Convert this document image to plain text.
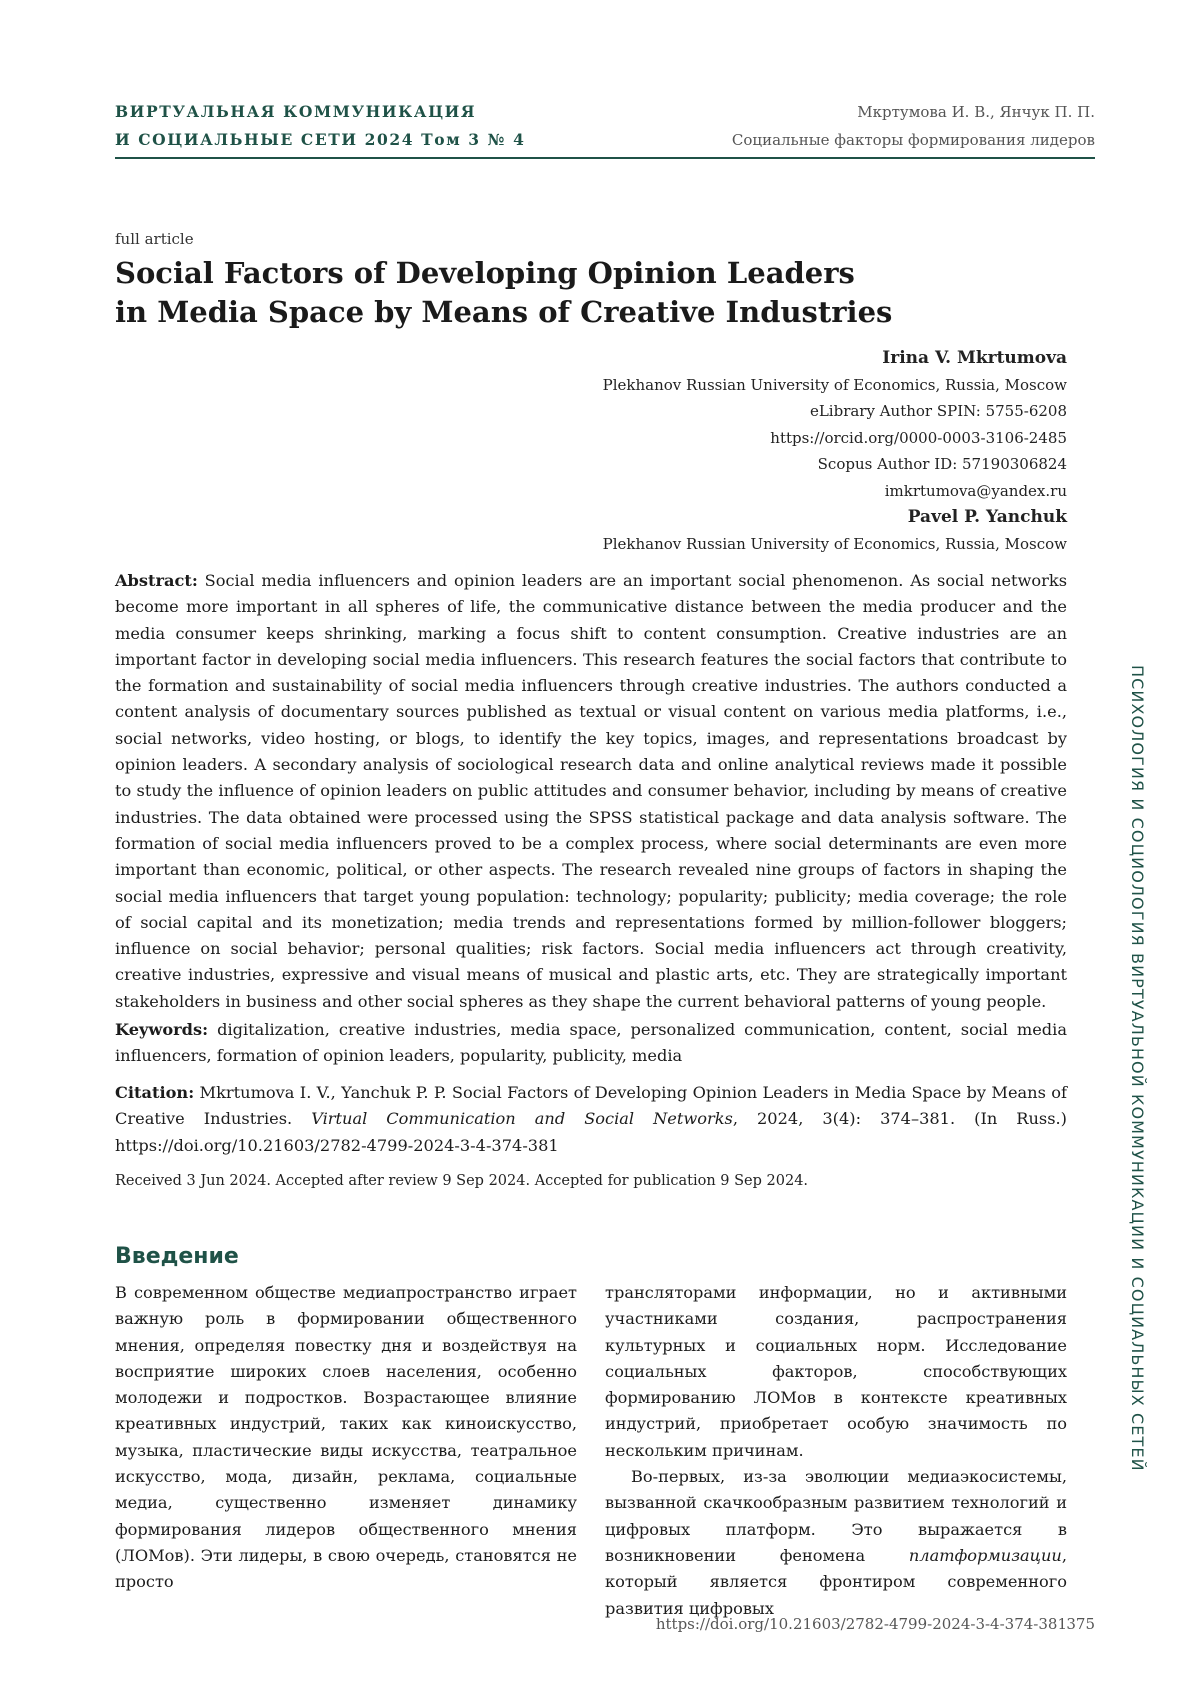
ВИРТУАЛЬНАЯ КОММУНИКАЦИЯ
И СОЦИАЛЬНЫЕ СЕТИ 2024 Том 3 № 4
Мкртумова И. В., Янчук П. П.
Социальные факторы формирования лидеров
full article
Social Factors of Developing Opinion Leaders
in Media Space by Means of Creative Industries
Irina V. Mkrtumova
Plekhanov Russian University of Economics, Russia, Moscow
eLibrary Author SPIN: 5755-6208
https://orcid.org/0000-0003-3106-2485
Scopus Author ID: 57190306824
imkrtumova@yandex.ru
Pavel P. Yanchuk
Plekhanov Russian University of Economics, Russia, Moscow
Abstract: Social media influencers and opinion leaders are an important social phenomenon. As social networks become more important in all spheres of life, the communicative distance between the media producer and the media consumer keeps shrinking, marking a focus shift to content consumption. Creative industries are an important factor in developing social media influencers. This research features the social factors that contribute to the formation and sustainability of social media influencers through creative industries. The authors conducted a content analysis of documentary sources published as textual or visual content on various media platforms, i.e., social networks, video hosting, or blogs, to identify the key topics, images, and representations broadcast by opinion leaders. A secondary analysis of sociological research data and online analytical reviews made it possible to study the influence of opinion leaders on public attitudes and consumer behavior, including by means of creative industries. The data obtained were processed using the SPSS statistical package and data analysis software. The formation of social media influencers proved to be a complex process, where social determinants are even more important than economic, political, or other aspects. The research revealed nine groups of factors in shaping the social media influencers that target young population: technology; popularity; publicity; media coverage; the role of social capital and its monetization; media trends and representations formed by million-follower bloggers; influence on social behavior; personal qualities; risk factors. Social media influencers act through creativity, creative industries, expressive and visual means of musical and plastic arts, etc. They are strategically important stakeholders in business and other social spheres as they shape the current behavioral patterns of young people.
Keywords: digitalization, creative industries, media space, personalized communication, content, social media influencers, formation of opinion leaders, popularity, publicity, media
Citation: Mkrtumova I. V., Yanchuk P. P. Social Factors of Developing Opinion Leaders in Media Space by Means of Creative Industries. Virtual Communication and Social Networks, 2024, 3(4): 374–381. (In Russ.) https://doi.org/10.21603/2782-4799-2024-3-4-374-381
Received 3 Jun 2024. Accepted after review 9 Sep 2024. Accepted for publication 9 Sep 2024.
Введение

В современном обществе медиапространство играет важную роль в формировании общественного мнения, определяя повестку дня и воздействуя на восприятие широких слоев населения, особенно молодежи и подростков. Возрастающее влияние креативных индустрий, таких как киноискусство, музыка, пластические виды искусства, театральное искусство, мода, дизайн, реклама, социальные медиа, существенно изменяет динамику формирования лидеров общественного мнения (ЛОМов). Эти лидеры, в свою очередь, становятся не просто

трансляторами информации, но и активными участниками создания, распространения культурных и социальных норм. Исследование социальных факторов, способствующих формированию ЛОМов в контексте креативных индустрий, приобретает особую значимость по нескольким причинам.

Во-первых, из-за эволюции медиаэкосистемы, вызванной скачкообразным развитием технологий и цифровых платформ. Это выражается в возникновении феномена	платформизации, который является фронтиром современного развития цифровых

ПСИХОЛОГИЯ И СОЦИОЛОГИЯ ВИРТУАЛЬНОЙ КОММУНИКАЦИИ И СОЦИАЛЬНЫХ СЕТЕЙ
https://doi.org/10.21603/2782-4799-2024-3-4-374-381 375
